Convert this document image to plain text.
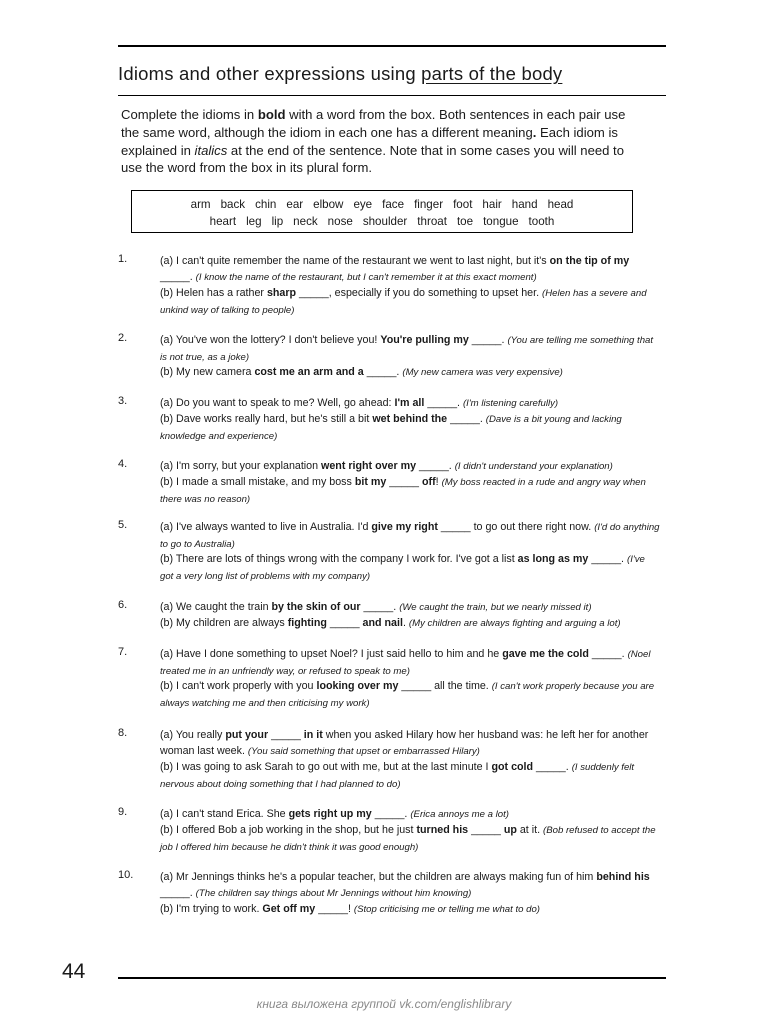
Idioms and other expressions using parts of the body
Complete the idioms in bold with a word from the box. Both sentences in each pair use the same word, although the idiom in each one has a different meaning. Each idiom is explained in italics at the end of the sentence. Note that in some cases you will need to use the word from the box in its plural form.
arm back chin ear elbow eye face finger foot hair hand head
heart leg lip neck nose shoulder throat toe tongue tooth
1.	(a) I can't quite remember the name of the restaurant we went to last night, but it's on the tip of my _____. (I know the name of the restaurant, but I can't remember it at this exact moment)
(b) Helen has a rather sharp _____, especially if you do something to upset her. (Helen has a severe and unkind way of talking to people)
2.	(a) You've won the lottery? I don't believe you! You're pulling my _____. (You are telling me something that is not true, as a joke)
(b) My new camera cost me an arm and a _____. (My new camera was very expensive)
3.	(a) Do you want to speak to me? Well, go ahead: I'm all _____. (I'm listening carefully)
(b) Dave works really hard, but he's still a bit wet behind the _____. (Dave is a bit young and lacking knowledge and experience)
4.	(a) I'm sorry, but your explanation went right over my _____. (I didn't understand your explanation)
(b) I made a small mistake, and my boss bit my _____ off! (My boss reacted in a rude and angry way when there was no reason)
5.	(a) I've always wanted to live in Australia. I'd give my right _____ to go out there right now. (I'd do anything to go to Australia)
(b) There are lots of things wrong with the company I work for. I've got a list as long as my _____. (I've got a very long list of problems with my company)
6.	(a) We caught the train by the skin of our _____. (We caught the train, but we nearly missed it)
(b) My children are always fighting _____ and nail. (My children are always fighting and arguing a lot)
7.	(a) Have I done something to upset Noel? I just said hello to him and he gave me the cold _____. (Noel treated me in an unfriendly way, or refused to speak to me)
(b) I can't work properly with you looking over my _____ all the time. (I can't work properly because you are always watching me and then criticising my work)
8.	(a) You really put your _____ in it when you asked Hilary how her husband was: he left her for another woman last week. (You said something that upset or embarrassed Hilary)
(b) I was going to ask Sarah to go out with me, but at the last minute I got cold _____. (I suddenly felt nervous about doing something that I had planned to do)
9.	(a) I can't stand Erica. She gets right up my _____. (Erica annoys me a lot)
(b) I offered Bob a job working in the shop, but he just turned his _____ up at it. (Bob refused to accept the job I offered him because he didn't think it was good enough)
10. (a) Mr Jennings thinks he's a popular teacher, but the children are always making fun of him behind his _____. (The children say things about Mr Jennings without him knowing)
(b) I'm trying to work. Get off my _____! (Stop criticising me or telling me what to do)
44
книга выложена группой vk.com/englishlibrary
